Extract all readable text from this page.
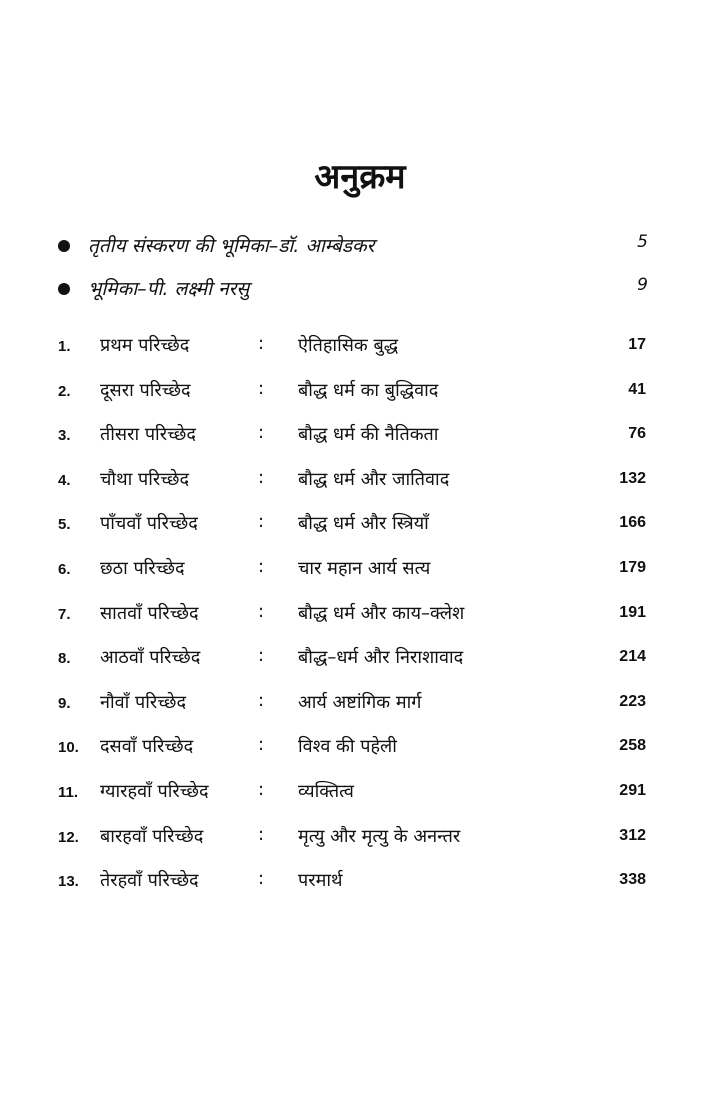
अनुक्रम
तृतीय संस्करण की भूमिका–डॉ. आम्बेडकर	5
भूमिका–पी. लक्ष्मी नरसु	9
1. प्रथम परिच्छेद	: ऐतिहासिक बुद्ध	17
2. दूसरा परिच्छेद	: बौद्ध धर्म का बुद्धिवाद	41
3. तीसरा परिच्छेद	: बौद्ध धर्म की नैतिकता	76
4. चौथा परिच्छेद	: बौद्ध धर्म और जातिवाद	132
5. पाँचवाँ परिच्छेद	: बौद्ध धर्म और स्त्रियाँ	166
6. छठा परिच्छेद	: चार महान आर्य सत्य	179
7. सातवाँ परिच्छेद	: बौद्ध धर्म और काय–क्लेश	191
8. आठवाँ परिच्छेद	: बौद्ध–धर्म और निराशावाद	214
9. नौवाँ परिच्छेद	: आर्य अष्टांगिक मार्ग	223
10. दसवाँ परिच्छेद	: विश्व की पहेली	258
11. ग्यारहवाँ परिच्छेद	: व्यक्तित्व	291
12. बारहवाँ परिच्छेद	: मृत्यु और मृत्यु के अनन्तर	312
13. तेरहवाँ परिच्छेद	: परमार्थ	338
